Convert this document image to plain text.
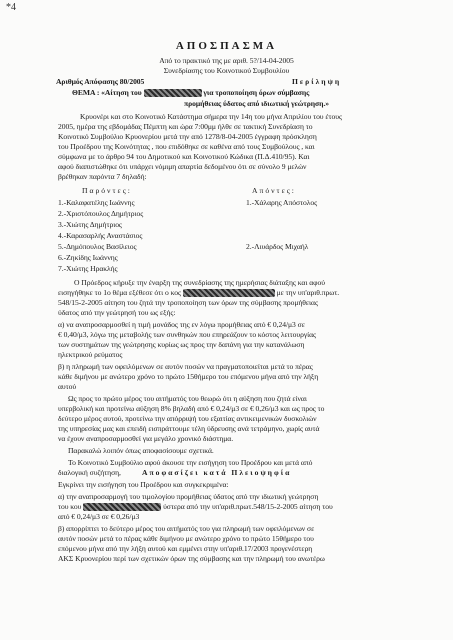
*4
ΑΠΟΣΠΑΣΜΑ
Από το πρακτικό της με αριθ. 5?/14-04-2005
Συνεδρίασης του Κοινοτικού Συμβουλίου
Αριθμός Απόφασης 80/2005	Περίληψη
ΘΕΜΑ : «Αίτηση του	για τροποποίηση όρων σύμβασης
προμήθειας ύδατος από ιδιωτική γεώτρηση.»
Κρυονέρι και στο Κοινοτικό Κατάστημα σήμερα την 14η του μήνα Απριλίου του έτους
2005, ημέρα της εβδομάδας Πέμπτη και ώρα 7:00μμ ήλθε σε τακτική Συνεδρίαση το
Κοινοτικό Συμβούλιο Κρυονερίου μετά την από 1278/8-04-2005 έγγραφη πρόσκληση
του Προέδρου της Κοινότητας , που επιδόθηκε σε καθένα από τους Συμβούλους , και
σύμφωνα με το άρθρο 94 του Δημοτικού και Κοινοτικού Κώδικα (Π.Δ.410/95). Και
αφού διαπιστώθηκε ότι υπάρχει νόμιμη απαρτία δεδομένου ότι σε σύνολο 9 μελών
βρέθηκαν παρόντα 7 δηλαδή:
Παρόντες:	Απόντες:
1.-Καλαφατέλης Ιωάννης
2.-Χριστόπουλος Δημήτριος
3.-Χιώτης Δημήτριος
4.-Καρασαρλής Αναστάσιος
5.-Δημόπουλος Βασίλειος
6.-Ζηκίδης Ιωάννης
7.-Χιώτης Ηρακλής
1.-Χάλαρης Απόστολος
2.-Λιυάρδος Μιχαήλ
Ο Πρόεδρος κήρυξε την έναρξη της συνεδρίασης της ημερήσιας διάταξης και αφού
εισηγήθηκε το 1ο θέμα εξέθεσε ότι ο κος	με την υπ'αριθ.πρωτ.
548/15-2-2005 αίτηση του ζητά την τροποποίηση των όρων της σύμβασης προμήθειας
ύδατος από την γεώτρησή του ως εξής:
α) να αναπροσαρμοσθεί η τιμή μονάδος της εν λόγω προμήθειας από € 0,24/μ3 σε
€ 0,40/μ3, λόγω της μεταβολής των συνθηκών που επηρεάζουν το κόστος λειτουργίας
των συστημάτων της γεώτρησης κυρίως ως προς την δαπάνη για την κατανάλωση
ηλεκτρικού ρεύματος
β) η πληρωμή των οφειλόμενων σε αυτόν ποσών να πραγματοποιείται μετά το πέρας
κάθε διμήνου με ανώτερο χρόνο το πρώτο 15θήμερο του επόμενου μήνα από την λήξη
αυτού
Ως προς το πρώτο μέρος του αιτήματός του θεωρώ ότι η αύξηση που ζητά είναι
υπερβολική και προτείνω αύξηση 8% βηλαδή από € 0,24/μ3 σε € 0,26/μ3 και ως προς το
δεύτερο μέρος αυτού, προτείνω την απόρριψή του εξαιτίας αντικειμενικών δυσκολιών
της υπηρεσίας μας και επειδή εισπράττουμε τέλη ύδρευσης ανά τετράμηνο, χωρίς αυτά
να έχουν αναπροσαρμοσθεί για μεγάλο χρονικό διάστημα.
Παρακαλώ λοιπόν όπως αποφασίσουμε σχετικά.
Το Κοινοτικό Συμβούλιο αφού άκουσε την εισήγηση του Προέδρου και μετά από
διαλογική συζήτηση,	Αποφασίζει κατά Πλειοψηφία
Εγκρίνει την εισήγηση του Προέδρου και συγκεκριμένα:
α) την αναπροσαρμογή του τιμολογίου προμήθειας ύδατος από την ιδιωτική γεώτρηση
του κου	ύστερα από την υπ'αριθ.πρωτ.548/15-2-2005 αίτηση του
από € 0,24/μ3 σε € 0,26/μ3
β) απορρίπτει το δεύτερο μέρος του αιτήματός του για πληρωμή των οφειλόμενων σε
αυτόν ποσών μετά το πέρας κάθε διμήνου με ανώτερο χρόνο το πρώτο 15θήμερο του
επόμενου μήνα από την λήξη αυτού και εμμένει στην υπ'αριθ.17/2003 προγενέστερη
ΑΚΣ Κρυονερίου περί των σχετικών όρων της σύμβασης και την πληρωμή του ανωτέρω
